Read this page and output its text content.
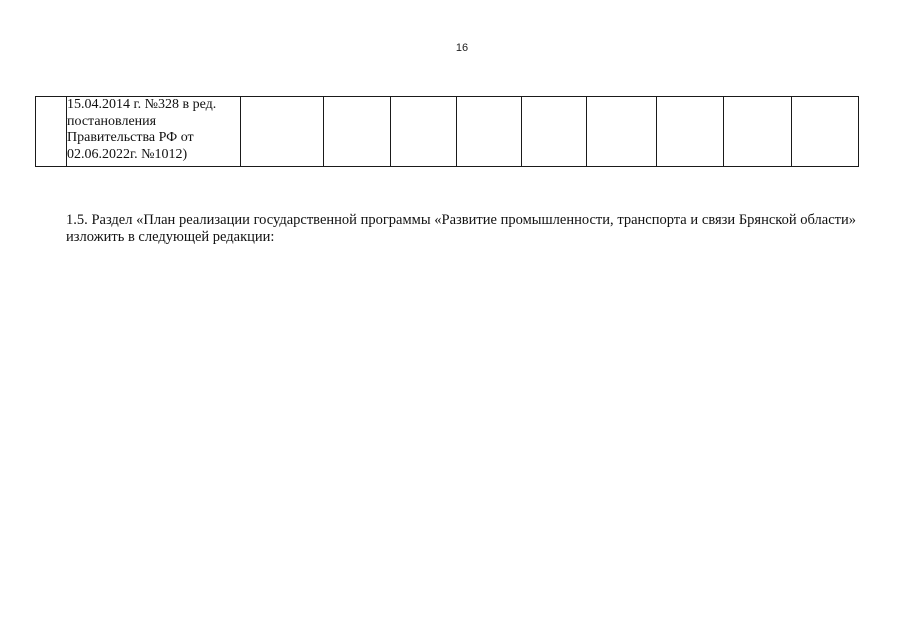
16

15.04.2014 г. №328 в ред.
постановления
Правительства РФ от
02.06.2022г. №1012)

1.5. Раздел «План реализации государственной программы «Развитие промышленности, транспорта и связи Брянской области» изложить в следующей редакции:
